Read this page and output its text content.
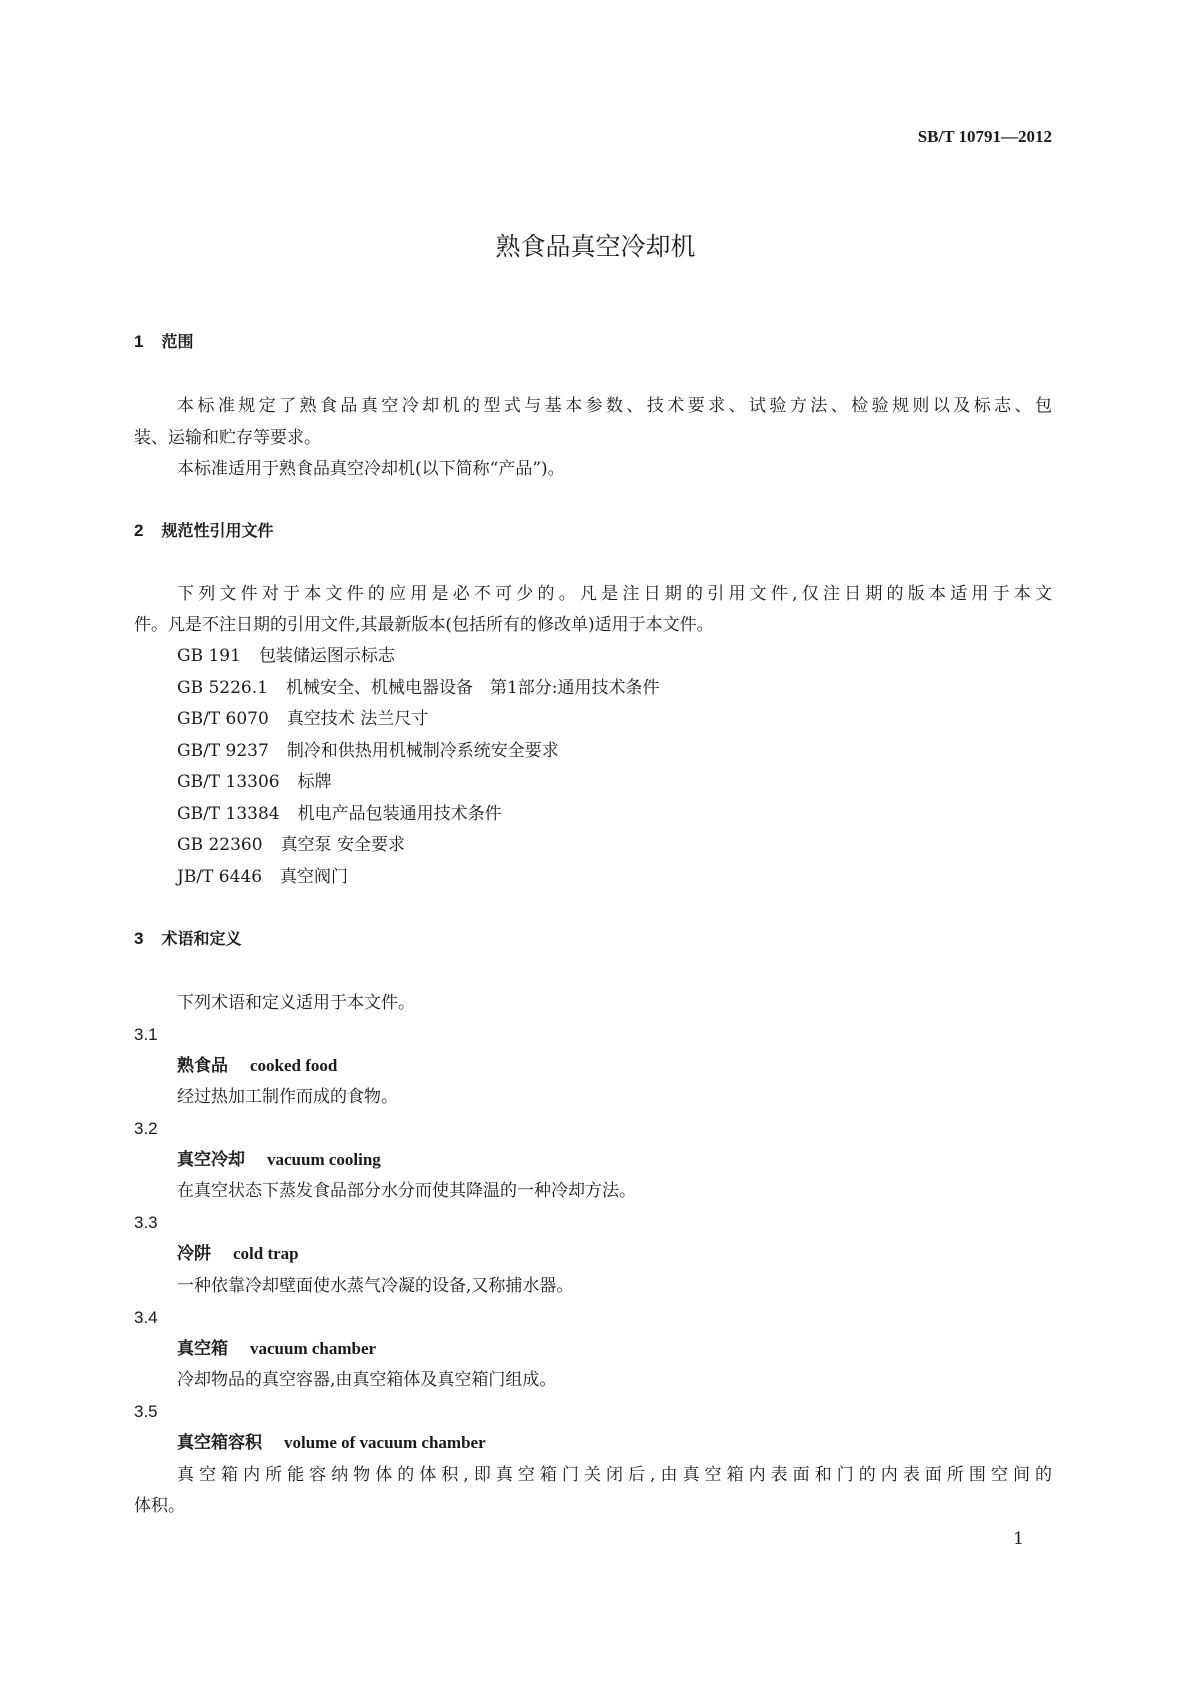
SB/T 10791—2012
熟食品真空冷却机
1 范围
本标准规定了熟食品真空冷却机的型式与基本参数、技术要求、试验方法、检验规则以及标志、包
装、运输和贮存等要求。
本标准适用于熟食品真空冷却机(以下简称“产品”)。
2 规范性引用文件
下列文件对于本文件的应用是必不可少的。凡是注日期的引用文件,仅注日期的版本适用于本文
件。凡是不注日期的引用文件,其最新版本(包括所有的修改单)适用于本文件。
GB 191 包装储运图示标志
GB 5226.1 机械安全、机械电器设备　第1部分:通用技术条件
GB/T 6070 真空技术 法兰尺寸
GB/T 9237 制冷和供热用机械制冷系统安全要求
GB/T 13306 标牌
GB/T 13384 机电产品包装通用技术条件
GB 22360 真空泵 安全要求
JB/T 6446 真空阀门
3 术语和定义
下列术语和定义适用于本文件。
3.1
熟食品 cooked food
经过热加工制作而成的食物。
3.2
真空冷却 vacuum cooling
在真空状态下蒸发食品部分水分而使其降温的一种冷却方法。
3.3
冷阱 cold trap
一种依靠冷却壁面使水蒸气冷凝的设备,又称捕水器。
3.4
真空箱 vacuum chamber
冷却物品的真空容器,由真空箱体及真空箱门组成。
3.5
真空箱容积 volume of vacuum chamber
真空箱内所能容纳物体的体积,即真空箱门关闭后,由真空箱内表面和门的内表面所围空间的
体积。
1
